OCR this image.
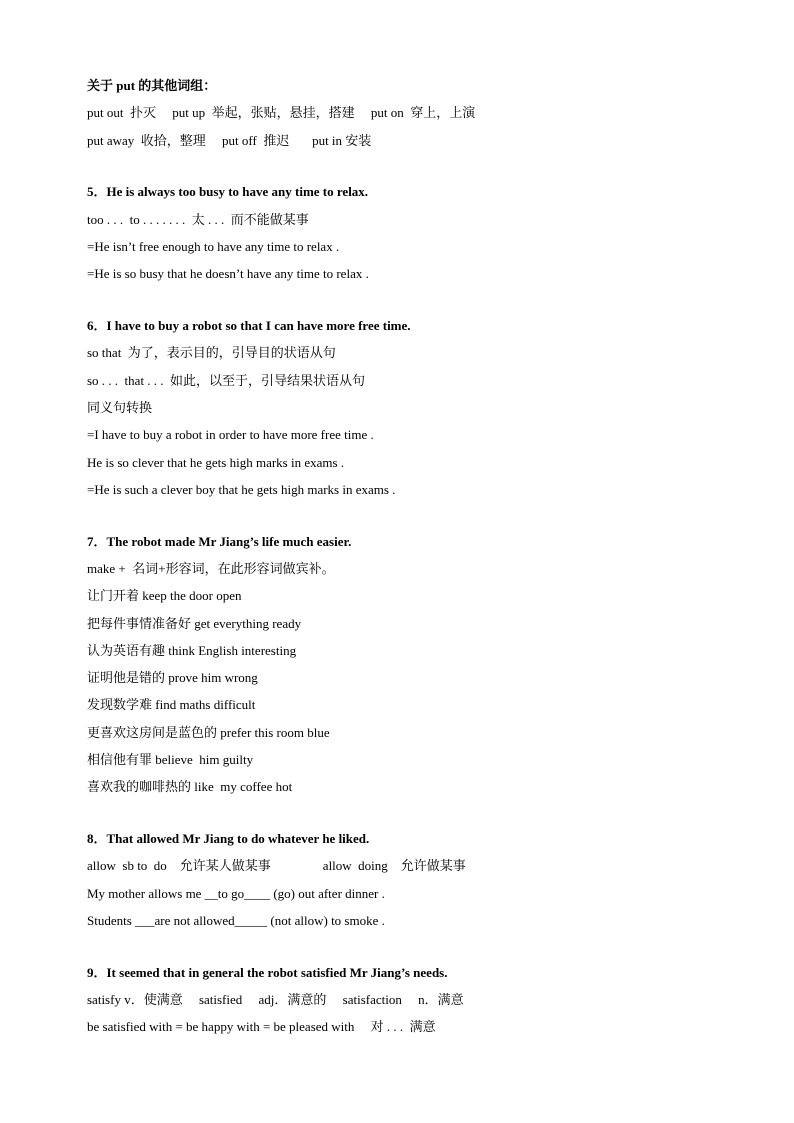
关于 put 的其他词组：
put out  扑灭     put up  举起，张贴，悬挂，搭建     put on  穿上，上演
put away  收拾，整理     put off  推迟       put in 安装
5．He is always too busy to have any time to relax.
too . . .  to . . . . . . .  太 . . .  而不能做某事
=He isn’t free enough to have any time to relax .
=He is so busy that he doesn’t have any time to relax .
6．I have to buy a robot so that I can have more free time.
so that  为了，表示目的，引导目的状语从句
so . . .  that . . .  如此，以至于，引导结果状语从句
同义句转换
=I have to buy a robot in order to have more free time .
He is so clever that he gets high marks in exams .
=He is such a clever boy that he gets high marks in exams .
7．The robot made Mr Jiang’s life much easier.
make +  名词+形容词，在此形容词做宾补。
让门开着 keep the door open
把每件事情准备好 get everything ready
认为英语有趣 think English interesting
证明他是错的 prove him wrong
发现数学难 find maths difficult
更喜欢这房间是蓝色的 prefer this room blue
相信他有罪 believe  him guilty
喜欢我的咖啡热的 like  my coffee hot
8．That allowed Mr Jiang to do whatever he liked.
allow  sb to  do    允许某人做某事                allow  doing    允许做某事
My mother allows me __to go____ (go) out after dinner .
Students ___are not allowed_____ (not allow) to smoke .
9．It seemed that in general the robot satisfied Mr Jiang’s needs.
satisfy v．使满意     satisfied     adj．满意的     satisfaction     n．满意
be satisfied with = be happy with = be pleased with     对 . . .  满意
